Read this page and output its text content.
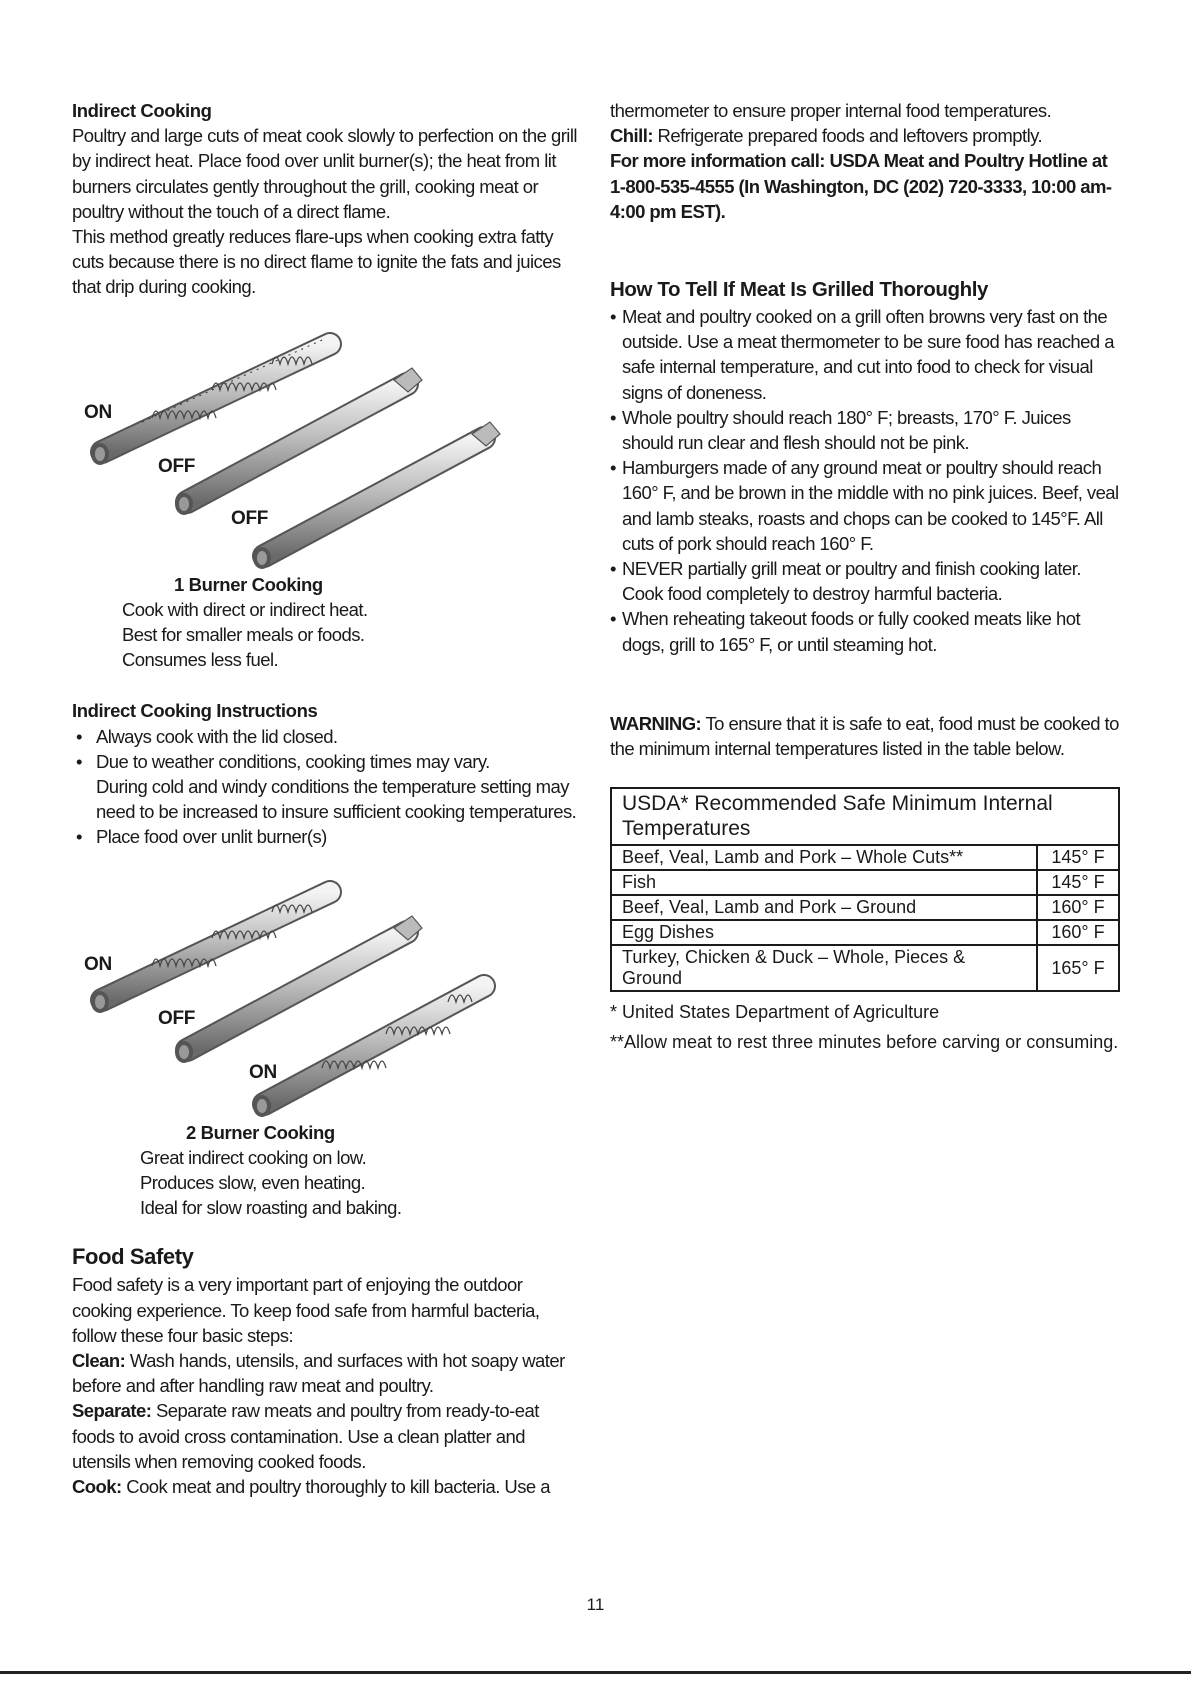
Indirect Cooking

Poultry and large cuts of meat cook slowly to perfection on the grill by indirect heat. Place food over unlit burner(s); the heat from lit burners circulates gently throughout the grill, cooking meat or poultry without the touch of a direct flame.

This method greatly reduces flare-ups when cooking extra fatty cuts because there is no direct flame to ignite the fats and juices that drip during cooking.

ON
OFF
OFF

1 Burner Cooking

Cook with direct or indirect heat.

Best for smaller meals or foods.

Consumes less fuel.

Indirect Cooking Instructions

• Always cook with the lid closed.
• Due to weather conditions, cooking times may vary.

During cold and windy conditions the temperature setting may need to be increased to insure sufficient cooking temperatures.

• Place food over unlit burner(s)
ON
OFF
ON

2 Burner Cooking

Great indirect cooking on low.

Produces slow, even heating.

Ideal for slow roasting and baking.

Food Safety

Food safety is a very important part of enjoying the outdoor cooking experience. To keep food safe from harmful bacteria, follow these four basic steps:

Clean: Wash hands, utensils, and surfaces with hot soapy water before and after handling raw meat and poultry.

Separate: Separate raw meats and poultry from ready-to-eat foods to avoid cross contamination. Use a clean platter and utensils when removing cooked foods.

Cook: Cook meat and poultry thoroughly to kill bacteria. Use a

thermometer to ensure proper internal food temperatures.

Chill: Refrigerate prepared foods and leftovers promptly.

For more information call: USDA Meat and Poultry Hotline at 1-800-535-4555 (In Washington, DC (202) 720-3333, 10:00 am-4:00 pm EST).

How To Tell If Meat Is Grilled Thoroughly

• Meat and poultry cooked on a grill often browns very fast on the outside. Use a meat thermometer to be sure food has reached a safe internal temperature, and cut into food to check for visual signs of doneness.
• Whole poultry should reach 180° F; breasts, 170° F. Juices should run clear and flesh should not be pink.
• Hamburgers made of any ground meat or poultry should reach 160° F, and be brown in the middle with no pink juices. Beef, veal and lamb steaks, roasts and chops can be cooked to 145°F. All cuts of pork should reach 160° F.
• NEVER partially grill meat or poultry and finish cooking later. Cook food completely to destroy harmful bacteria.
• When reheating takeout foods or fully cooked meats like hot dogs, grill to 165° F, or until steaming hot.

WARNING: To ensure that it is safe to eat, food must be cooked to the minimum internal temperatures listed in the table below.

USDA* Recommended Safe Minimum Internal Temperatures	
Beef, Veal, Lamb and Pork – Whole Cuts**	145° F
Fish	145° F
Beef, Veal, Lamb and Pork – Ground	160° F
Egg Dishes	160° F
Turkey, Chicken & Duck – Whole, Pieces & Ground	165° F

* United States Department of Agriculture

**Allow meat to rest three minutes before carving or consuming.

11
